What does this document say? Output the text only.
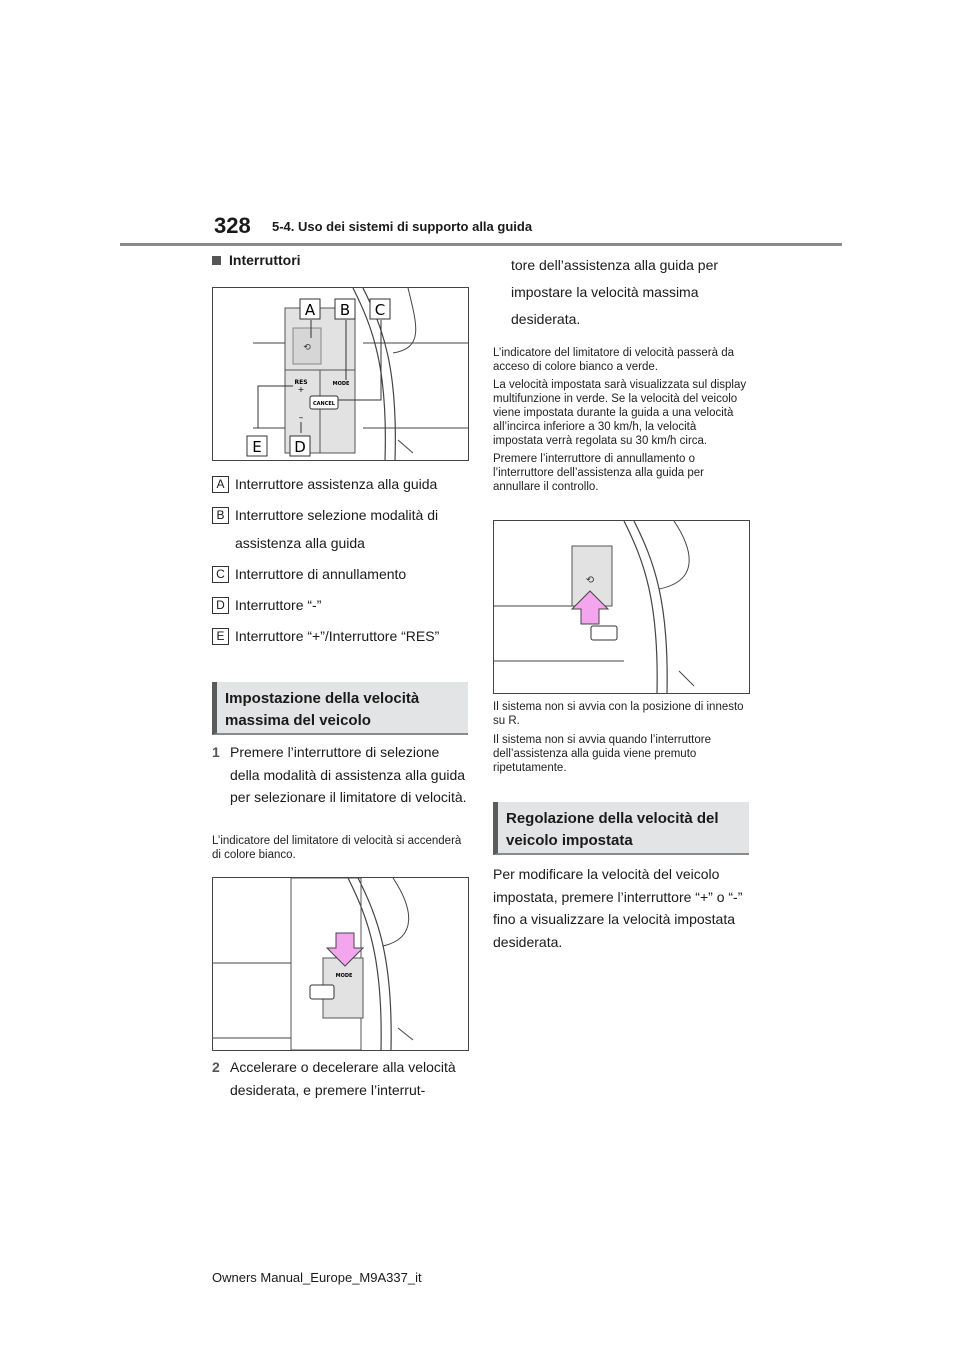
328 5-4. Uso dei sistemi di supporto alla guida
Interruttori
⟲
RES
+
–
MODE
CANCEL
A B C
E D
A Interruttore assistenza alla guida
B Interruttore selezione modalità di assistenza alla guida
C Interruttore di annullamento
D Interruttore “-”
E Interruttore “+”/Interruttore “RES”
Impostazione della velocità massima del veicolo
1 Premere l’interruttore di selezione della modalità di assistenza alla guida per selezionare il limitatore di velocità.
L’indicatore del limitatore di velocità si accenderà di colore bianco.
MODE
2 Accelerare o decelerare alla velocità desiderata, e premere l’interrut-
tore dell’assistenza alla guida per impostare la velocità massima desiderata.

L’indicatore del limitatore di velocità passerà da acceso di colore bianco a verde.

La velocità impostata sarà visualizzata sul display multifunzione in verde. Se la velocità del veicolo viene impostata durante la guida a una velocità all’incirca inferiore a 30 km/h, la velocità impostata verrà regolata su 30 km/h circa.

Premere l’interruttore di annullamento o l’interruttore dell’assistenza alla guida per annullare il controllo.

⟲

Il sistema non si avvia con la posizione di innesto su R.

Il sistema non si avvia quando l’interruttore dell’assistenza alla guida viene premuto ripetutamente.

Regolazione della velocità del veicolo impostata
Per modificare la velocità del veicolo impostata, premere l’interruttore “+” o “-” fino a visualizzare la velocità impostata desiderata.
Owners Manual_Europe_M9A337_it
